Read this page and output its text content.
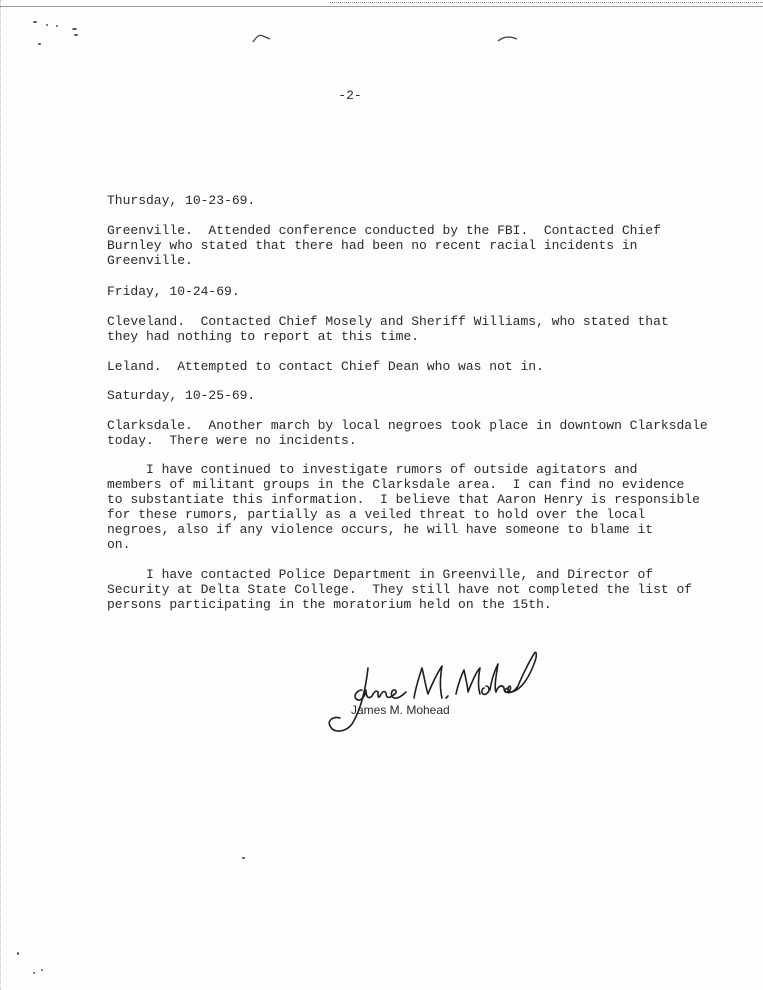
-2-
Thursday, 10-23-69.
Greenville.  Attended conference conducted by the FBI.  Contacted Chief
Burnley who stated that there had been no recent racial incidents in
Greenville.
Friday, 10-24-69.
Cleveland.  Contacted Chief Mosely and Sheriff Williams, who stated that
they had nothing to report at this time.
Leland.  Attempted to contact Chief Dean who was not in.
Saturday, 10-25-69.
Clarksdale.  Another march by local negroes took place in downtown Clarksdale
today.  There were no incidents.
I have continued to investigate rumors of outside agitators and
members of militant groups in the Clarksdale area.  I can find no evidence
to substantiate this information.  I believe that Aaron Henry is responsible
for these rumors, partially as a veiled threat to hold over the local
negroes, also if any violence occurs, he will have someone to blame it
on.
I have contacted Police Department in Greenville, and Director of
Security at Delta State College.  They still have not completed the list of
persons participating in the moratorium held on the 15th.
James M. Mohead
